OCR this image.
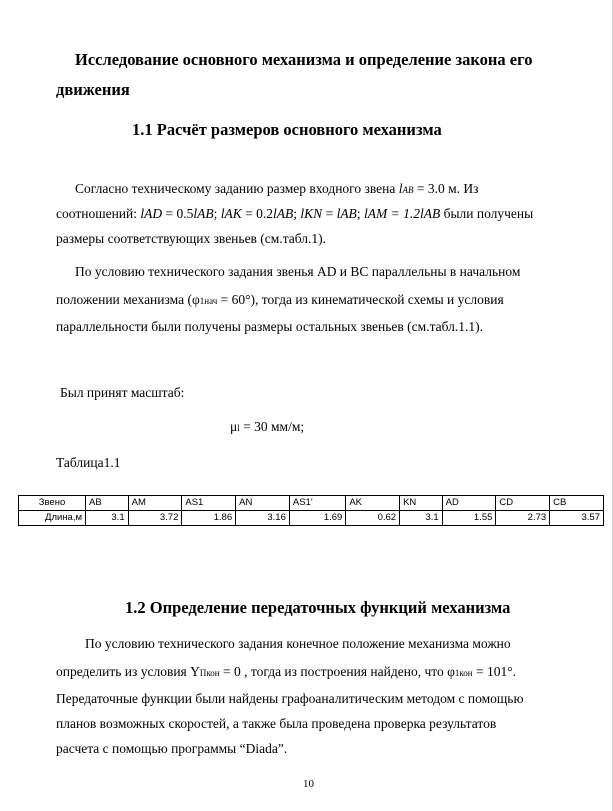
Исследование основного механизма и определение закона его
движения
1.1 Расчёт размеров основного механизма
Согласно техническому заданию размер входного звена lAB = 3.0 м. Из
соотношений: lAD = 0.5lAB; lAK = 0.2lAB; lKN = lAB; lAM = 1.2lAB были получены
размеры соответствующих звеньев (см.табл.1).
По условию технического задания звенья AD и BC параллельны в начальном
положении механизма (φ1нач = 60°), тогда из кинематической схемы и условия
параллельности были получены размеры остальных звеньев (см.табл.1.1).
Был принят масштаб:
μl = 30 мм/м;
Таблица1.1
Звено	AB	AM	AS1	AN	AS1'	AK	KN	AD	CD	CB
Длина,м	3.1	3.72	1.86	3.16	1.69	0.62	3.1	1.55	2.73	3.57
1.2 Определение передаточных функций механизма
По условию технического задания конечное положение механизма можно
определить из условия YПкон = 0 , тогда из построения найдено, что φ1кон = 101°.
Передаточные функции были найдены графоаналитическим методом с помощью
планов возможных скоростей, а также была проведена проверка результатов
расчета с помощью программы “Diada”.
10
